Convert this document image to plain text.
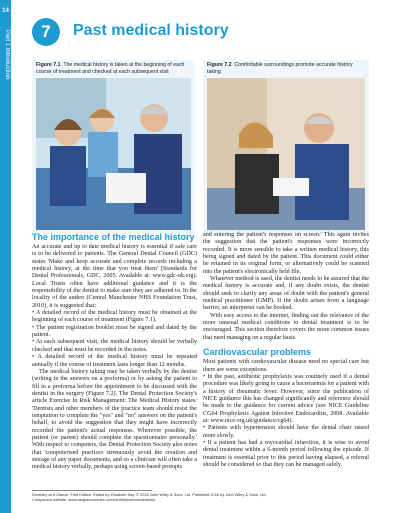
14
Part 1 Introduction	7	Past medical history
Figure 7.1 The medical history is taken at the beginning of each course of treatment and checked at each subsequent visit
Figure 7.2 Comfortable surroundings promote accurate history taking
The importance of the medical history

An accurate and up to date medical history is essential if safe care is to be delivered to patients. The General Dental Council (GDC) states 'Make and keep accurate and complete records including a medical history, at the time that you treat them' (Standards for Dental Professionals, GDC, 2005. Available at: www.gdc-uk.org). Local Trusts often have additional guidance and it is the responsibility of the dentist to make sure they are adhered to. In the locality of the author (Central Manchester NHS Foundation Trust, 2010), it is suggested that:

• A detailed record of the medical history must be obtained at the beginning of each course of treatment (Figure 7.1).

• The patient registration booklet must be signed and dated by the patient.

• At each subsequent visit, the medical history should be verbally checked and that must be recorded in the notes.

• A detailed record of the medical history must be repeated annually if the course of treatment lasts longer than 12 months.

The medical history taking may be taken verbally by the dentist (writing in the answers on a proforma) or by asking the patient to fill in a proforma before the appointment to be discussed with the dentist in the surgery (Figure 7.2). The Dental Protection Society's article Exercise In Risk Management: The Medical History states: 'Dentists and other members of the practice team should resist the temptation to complete the "yes" and "no" answers on the patient's behalf, to avoid the suggestion that they might have incorrectly recorded the patient's actual responses. Wherever possible, the patient (or parent) should complete the questionnaire personally.' With respect to computers, the Dental Protection Society also notes that 'computerised practices strenuously avoid the creation and storage of any paper documents, and so a clinician will often take a medical history verbally, perhaps using screen-based prompts

and entering the patient's responses on screen.' This again invites the suggestion that the patient's responses were incorrectly recorded. It is more sensible to take a written medical history, this being signed and dated by the patient. This document could either be retained in its original form, or alternatively could be scanned into the patient's electronically held file.

Whatever method is used, the dentist needs to be assured that the medical history is accurate and, if any doubt exists, the dentist should seek to clarify any areas of doubt with the patient's general medical practitioner (GMP). If the doubt arises from a language barrier, an interpreter can be booked.

With easy access to the internet, finding out the relevance of the more unusual medical conditions to dental treatment is to be encouraged. This section therefore covers the more common issues that need managing on a regular basis.

Cardiovascular problems

Most patients with cardiovascular disease need no special care but there are some exceptions.

• In the past, antibiotic prophylaxis was routinely used if a dental procedure was likely going to cause a bacteraemia for a patient with a history of rheumatic fever. However, since the publication of NICE guidance this has changed significantly and reference should be made to the guidance for current advice (see NICE Guideline CG64 Prophylaxis Against Infective Endocarditis, 2008. Available at: www.nice.org.uk/guidance/cg64).

• Patients with hypertension should have the dental chair raised more slowly.

• If a patient has had a myocardial infarction, it is wise to avoid dental treatment within a 6-month period following the episode. If treatment is essential prior to this period having elapsed, a referral should be considered so that they can be managed safely.

Dentistry at a Glance. First Edition. Edited by Elizabeth Kay. © 2016 John Wiley & Sons, Ltd. Published 2016 by John Wiley & Sons, Ltd.
Companion website: www.ataglanceseries.com/dentistryseries/dentistry
